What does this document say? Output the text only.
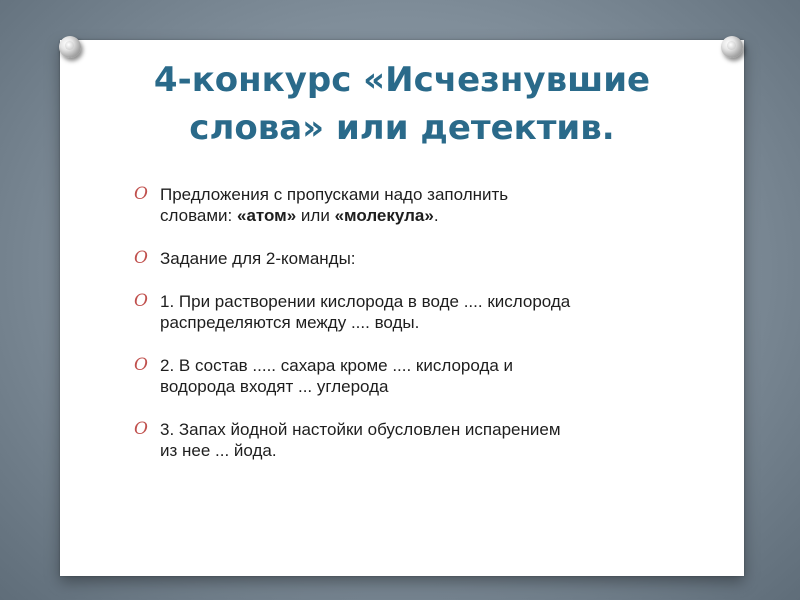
4-конкурс «Исчезнувшие
слова» или детектив.
O Предложения с пропусками надо заполнить
словами: «атом» или «молекула».
O Задание для 2-команды:
O 1. При растворении кислорода в воде .... кислорода
распределяются между .... воды.
O 2. В состав ..... сахара кроме .... кислорода и
водорода входят ... углерода
O 3. Запах йодной настойки обусловлен испарением
из нее ... йода.
